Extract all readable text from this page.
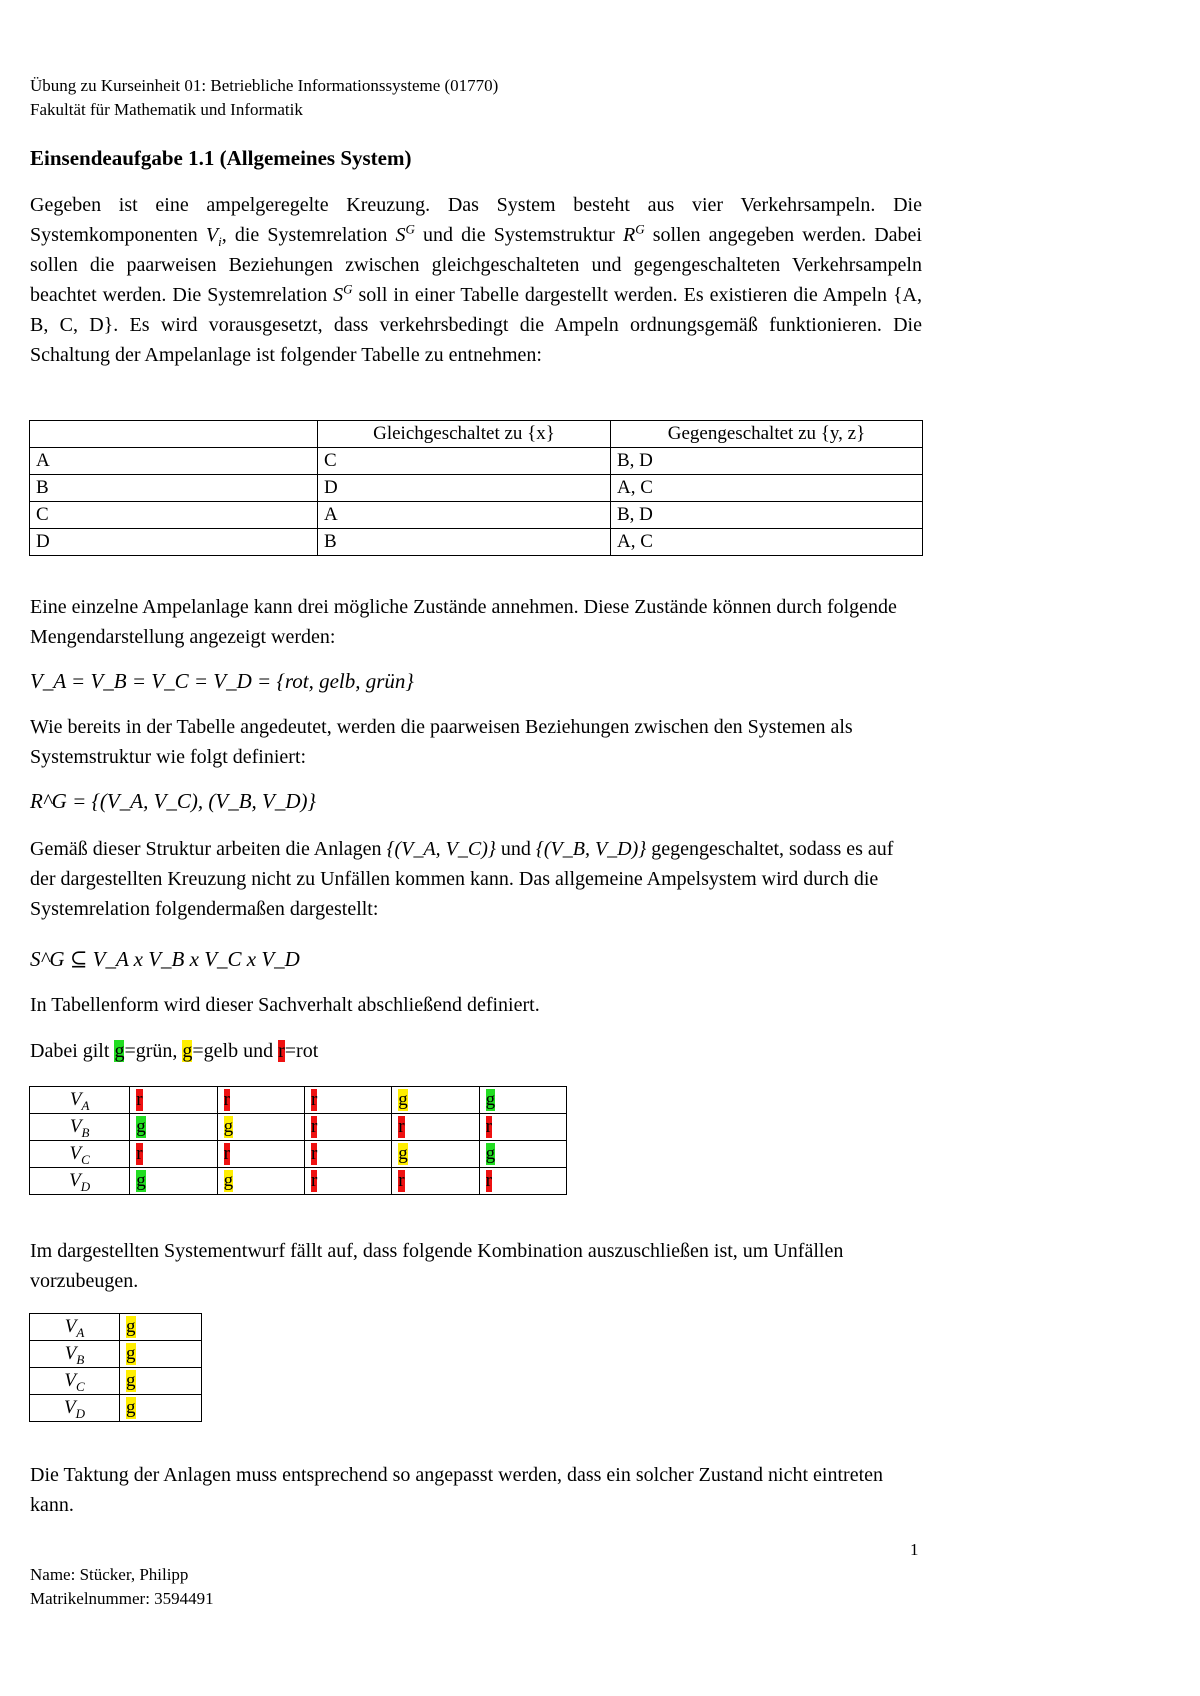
Übung zu Kurseinheit 01: Betriebliche Informationssysteme (01770)
Fakultät für Mathematik und Informatik
Einsendeaufgabe 1.1 (Allgemeines System)
Gegeben ist eine ampelgeregelte Kreuzung. Das System besteht aus vier Verkehrsampeln. Die Systemkomponenten $V_i$, die Systemrelation $S^G$ und die Systemstruktur $R^G$ sollen angegeben werden. Dabei sollen die paarweisen Beziehungen zwischen gleichgeschalteten und gegengeschalteten Verkehrsampeln beachtet werden. Die Systemrelation $S^G$ soll in einer Tabelle dargestellt werden. Es existieren die Ampeln {A, B, C, D}. Es wird vorausgesetzt, dass verkehrsbedingt die Ampeln ordnungsgemäß funktionieren. Die Schaltung der Ampelanlage ist folgender Tabelle zu entnehmen:
	Gleichgeschaltet zu {x}	Gegengeschaltet zu {y, z}
A	C	B, D
B	D	A, C
C	A	B, D
D	B	A, C
Eine einzelne Ampelanlage kann drei mögliche Zustände annehmen. Diese Zustände können durch folgende Mengendarstellung angezeigt werden:
V_A = V_B = V_C = V_D = {rot, gelb, grün}
Wie bereits in der Tabelle angedeutet, werden die paarweisen Beziehungen zwischen den Systemen als Systemstruktur wie folgt definiert:
R^G = {(V_A, V_C), (V_B, V_D)}
Gemäß dieser Struktur arbeiten die Anlagen {(V_A, V_C)} und {(V_B, V_D)} gegengeschaltet, sodass es auf der dargestellten Kreuzung nicht zu Unfällen kommen kann. Das allgemeine Ampelsystem wird durch die Systemrelation folgendermaßen dargestellt:
S^G ⊆ V_A x V_B x V_C x V_D
In Tabellenform wird dieser Sachverhalt abschließend definiert.
Dabei gilt g=grün, g=gelb und r=rot
$V_A$	r	r	r	g	g
$V_B$	g	g	r	r	r
$V_C$	r	r	r	g	g
$V_D$	g	g	r	r	r
Im dargestellten Systementwurf fällt auf, dass folgende Kombination auszuschließen ist, um Unfällen vorzubeugen.
$V_A$	g
$V_B$	g
$V_C$	g
$V_D$	g
Die Taktung der Anlagen muss entsprechend so angepasst werden, dass ein solcher Zustand nicht eintreten kann.
1
Name: Stücker, Philipp
Matrikelnummer: 3594491
